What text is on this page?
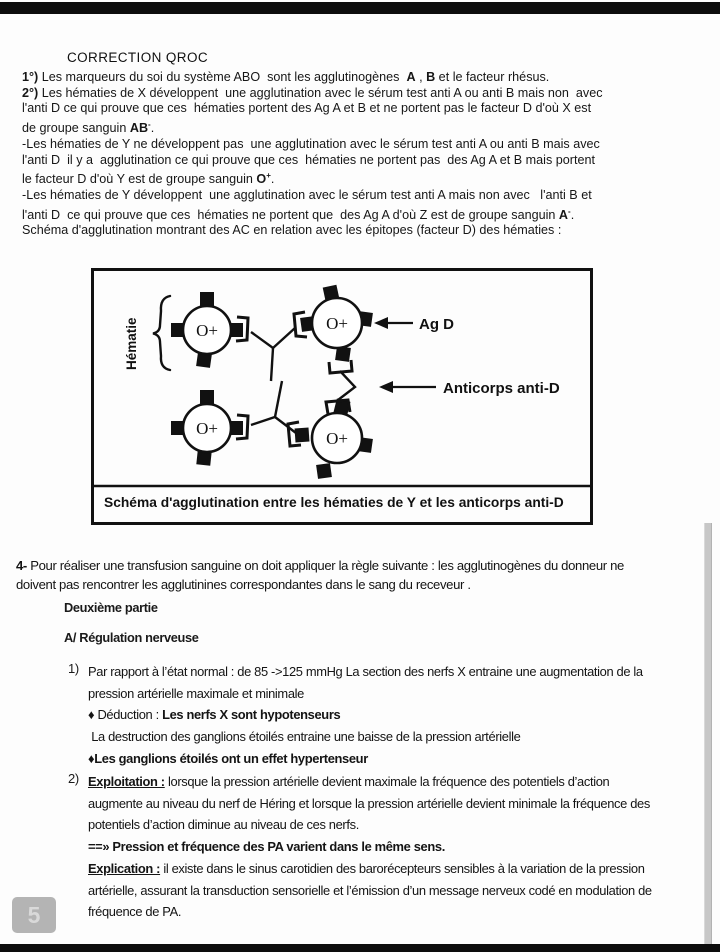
CORRECTION QROC
1°) Les marqueurs du soi du système ABO  sont les agglutinogènes  A , B et le facteur rhésus.
2°) Les hématies de X développent  une agglutination avec le sérum test anti A ou anti B mais non  avec
l'anti D ce qui prouve que ces  hématies portent des Ag A et B et ne portent pas le facteur D d'où X est
de groupe sanguin AB-.
-Les hématies de Y ne développent pas  une agglutination avec le sérum test anti A ou anti B mais avec
l'anti D  il y a  agglutination ce qui prouve que ces  hématies ne portent pas  des Ag A et B mais portent
le facteur D d'où Y est de groupe sanguin O+.
-Les hématies de Y développent  une agglutination avec le sérum test anti A mais non avec   l'anti B et
l'anti D  ce qui prouve que ces  hématies ne portent que  des Ag A d'où Z est de groupe sanguin A-.
Schéma d'agglutination montrant des AC en relation avec les épitopes (facteur D) des hématies :
Hématie	O+	O+
O+
O+
Ag D
Anticorps anti-D
Schéma d'agglutination entre les hématies de Y et les anticorps anti-D
4- Pour réaliser une transfusion sanguine on doit appliquer la règle suivante : les agglutinogènes du donneur ne
doivent pas rencontrer les agglutinines correspondantes dans le sang du receveur .
Deuxième partie
A/ Régulation nerveuse
1) Par rapport à l’état normal : de 85 ->125 mmHg La section des nerfs X entraine une augmentation de la
pression artérielle maximale et minimale
♦ Déduction : Les nerfs X sont hypotenseurs
La destruction des ganglions étoilés entraine une baisse de la pression artérielle
♦Les ganglions étoilés ont un effet hypertenseur
2) Exploitation : lorsque la pression artérielle devient maximale la fréquence des potentiels d’action
augmente au niveau du nerf de Héring et lorsque la pression artérielle devient minimale la fréquence des
potentiels d’action diminue au niveau de ces nerfs.
==» Pression et fréquence des PA varient dans le même sens.
Explication : il existe dans le sinus carotidien des barorécepteurs sensibles à la variation de la pression
artérielle, assurant la transduction sensorielle et l’émission d’un message nerveux codé en modulation de
fréquence de PA.
5
